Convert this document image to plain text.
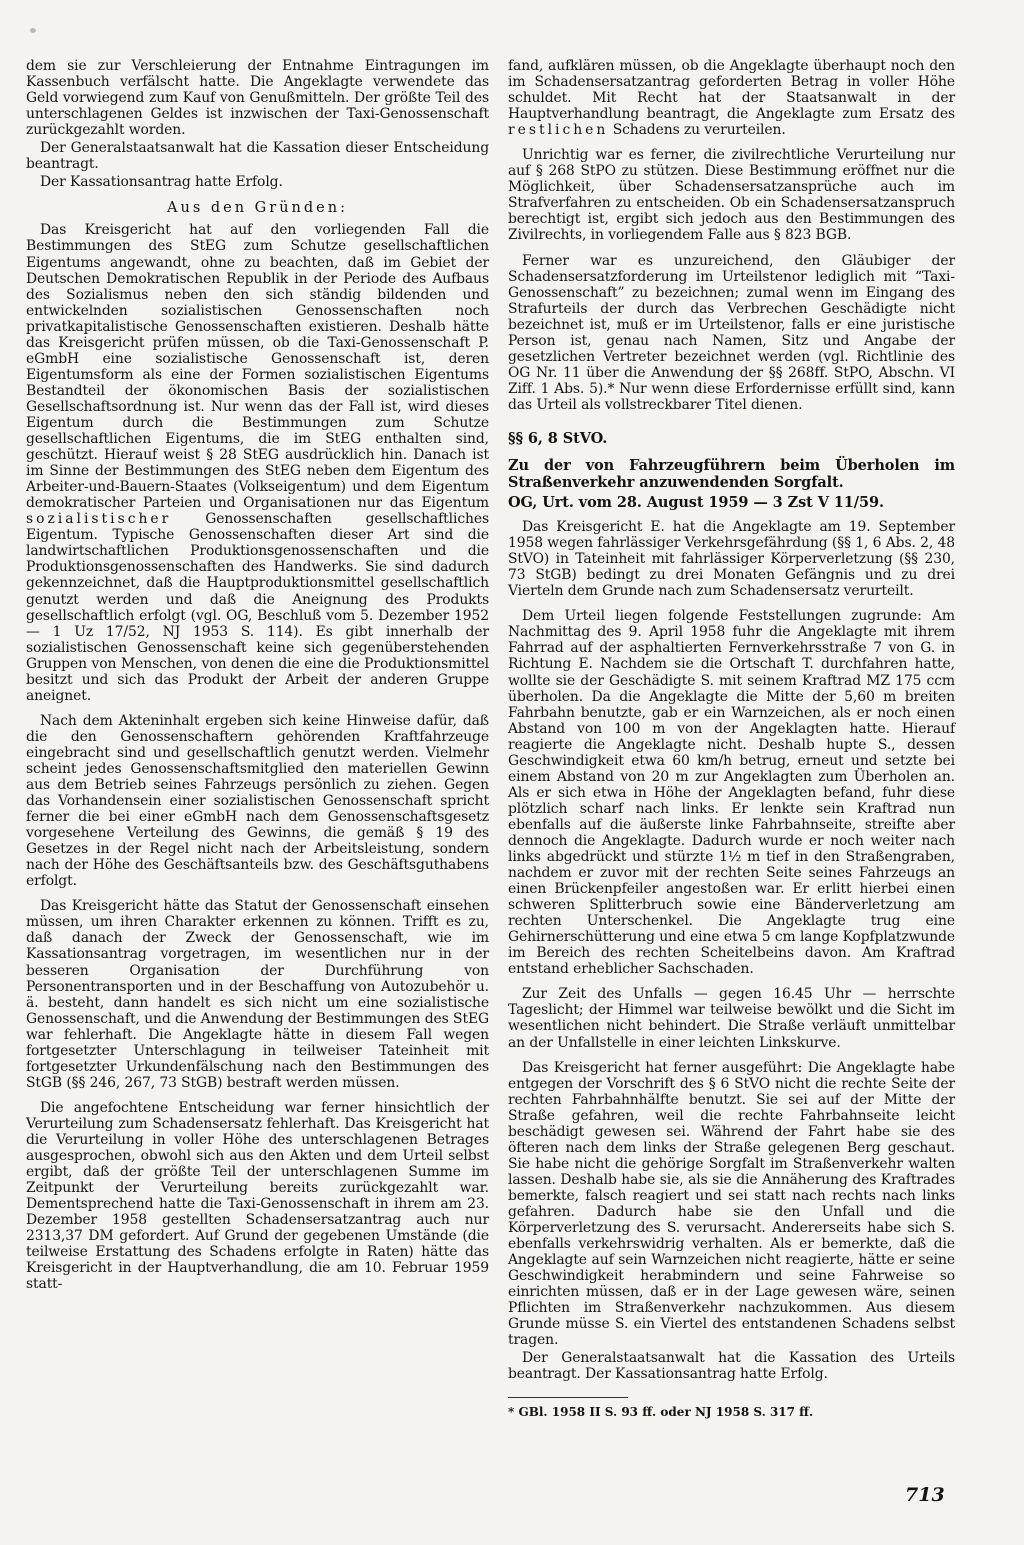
dem sie zur Verschleierung der Entnahme Eintragungen im Kassenbuch verfälscht hatte. Die Angeklagte verwendete das Geld vorwiegend zum Kauf von Genußmitteln. Der größte Teil des unterschlagenen Geldes ist inzwischen der Taxi-Genossenschaft zurückgezahlt worden.

Der Generalstaatsanwalt hat die Kassation dieser Entscheidung beantragt.

Der Kassationsantrag hatte Erfolg.

Aus den Gründen:

Das Kreisgericht hat auf den vorliegenden Fall die Bestimmungen des StEG zum Schutze gesellschaftlichen Eigentums angewandt, ohne zu beachten, daß im Gebiet der Deutschen Demokratischen Republik in der Periode des Aufbaus des Sozialismus neben den sich ständig bildenden und entwickelnden sozialistischen Genossenschaften noch privatkapitalistische Genossenschaften existieren. Deshalb hätte das Kreisgericht prüfen müssen, ob die Taxi-Genossenschaft P. eGmbH eine sozialistische Genossenschaft ist, deren Eigentumsform als eine der Formen sozialistischen Eigentums Bestandteil der ökonomischen Basis der sozialistischen Gesellschaftsordnung ist. Nur wenn das der Fall ist, wird dieses Eigentum durch die Bestimmungen zum Schutze gesellschaftlichen Eigentums, die im StEG enthalten sind, geschützt. Hierauf weist § 28 StEG ausdrücklich hin. Danach ist im Sinne der Bestimmungen des StEG neben dem Eigentum des Arbeiter-und-Bauern-Staates (Volkseigentum) und dem Eigentum demokratischer Parteien und Organisationen nur das Eigentum sozialistischer Genossenschaften gesellschaftliches Eigentum. Typische Genossenschaften dieser Art sind die landwirtschaftlichen Produktionsgenossenschaften und die Produktionsgenossenschaften des Handwerks. Sie sind dadurch gekennzeichnet, daß die Hauptproduktionsmittel gesellschaftlich genutzt werden und daß die Aneignung des Produkts gesellschaftlich erfolgt (vgl. OG, Beschluß vom 5. Dezember 1952 — 1 Uz 17/52, NJ 1953 S. 114). Es gibt innerhalb der sozialistischen Genossenschaft keine sich gegenüberstehenden Gruppen von Menschen, von denen die eine die Produktionsmittel besitzt und sich das Produkt der Arbeit der anderen Gruppe aneignet.

Nach dem Akteninhalt ergeben sich keine Hinweise dafür, daß die den Genossenschaftern gehörenden Kraftfahrzeuge eingebracht sind und gesellschaftlich genutzt werden. Vielmehr scheint jedes Genossenschaftsmitglied den materiellen Gewinn aus dem Betrieb seines Fahrzeugs persönlich zu ziehen. Gegen das Vorhandensein einer sozialistischen Genossenschaft spricht ferner die bei einer eGmbH nach dem Genossenschaftsgesetz vorgesehene Verteilung des Gewinns, die gemäß § 19 des Gesetzes in der Regel nicht nach der Arbeitsleistung, sondern nach der Höhe des Geschäftsanteils bzw. des Geschäftsguthabens erfolgt.

Das Kreisgericht hätte das Statut der Genossenschaft einsehen müssen, um ihren Charakter erkennen zu können. Trifft es zu, daß danach der Zweck der Genossenschaft, wie im Kassationsantrag vorgetragen, im wesentlichen nur in der besseren Organisation der Durchführung von Personentransporten und in der Beschaffung von Autozubehör u. ä. besteht, dann handelt es sich nicht um eine sozialistische Genossenschaft, und die Anwendung der Bestimmungen des StEG war fehlerhaft. Die Angeklagte hätte in diesem Fall wegen fortgesetzter Unterschlagung in teilweiser Tateinheit mit fortgesetzter Urkundenfälschung nach den Bestimmungen des StGB (§§ 246, 267, 73 StGB) bestraft werden müssen.

Die angefochtene Entscheidung war ferner hinsichtlich der Verurteilung zum Schadensersatz fehlerhaft. Das Kreisgericht hat die Verurteilung in voller Höhe des unterschlagenen Betrages ausgesprochen, obwohl sich aus den Akten und dem Urteil selbst ergibt, daß der größte Teil der unterschlagenen Summe im Zeitpunkt der Verurteilung bereits zurückgezahlt war. Dementsprechend hatte die Taxi-Genossenschaft in ihrem am 23. Dezember 1958 gestellten Schadensersatzantrag auch nur 2313,37 DM gefordert. Auf Grund der gegebenen Umstände (die teilweise Erstattung des Schadens erfolgte in Raten) hätte das Kreisgericht in der Hauptverhandlung, die am 10. Februar 1959 statt-

fand, aufklären müssen, ob die Angeklagte überhaupt noch den im Schadensersatzantrag geforderten Betrag in voller Höhe schuldet. Mit Recht hat der Staatsanwalt in der Hauptverhandlung beantragt, die Angeklagte zum Ersatz des restlichen Schadens zu verurteilen.

Unrichtig war es ferner, die zivilrechtliche Verurteilung nur auf § 268 StPO zu stützen. Diese Bestimmung eröffnet nur die Möglichkeit, über Schadensersatzansprüche auch im Strafverfahren zu entscheiden. Ob ein Schadensersatzanspruch berechtigt ist, ergibt sich jedoch aus den Bestimmungen des Zivilrechts, in vorliegendem Falle aus § 823 BGB.

Ferner war es unzureichend, den Gläubiger der Schadensersatzforderung im Urteilstenor lediglich mit “Taxi-Genossenschaft” zu bezeichnen; zumal wenn im Eingang des Strafurteils der durch das Verbrechen Geschädigte nicht bezeichnet ist, muß er im Urteilstenor, falls er eine juristische Person ist, genau nach Namen, Sitz und Angabe der gesetzlichen Vertreter bezeichnet werden (vgl. Richtlinie des OG Nr. 11 über die Anwendung der §§ 268ff. StPO, Abschn. VI Ziff. 1 Abs. 5).* Nur wenn diese Erfordernisse erfüllt sind, kann das Urteil als vollstreckbarer Titel dienen.

§§ 6, 8 StVO.

Zu der von Fahrzeugführern beim Überholen im Straßenverkehr anzuwendenden Sorgfalt.

OG, Urt. vom 28. August 1959 — 3 Zst V 11/59.

Das Kreisgericht E. hat die Angeklagte am 19. September 1958 wegen fahrlässiger Verkehrsgefährdung (§§ 1, 6 Abs. 2, 48 StVO) in Tateinheit mit fahrlässiger Körperverletzung (§§ 230, 73 StGB) bedingt zu drei Monaten Gefängnis und zu drei Vierteln dem Grunde nach zum Schadensersatz verurteilt.

Dem Urteil liegen folgende Feststellungen zugrunde: Am Nachmittag des 9. April 1958 fuhr die Angeklagte mit ihrem Fahrrad auf der asphaltierten Fernverkehrsstraße 7 von G. in Richtung E. Nachdem sie die Ortschaft T. durchfahren hatte, wollte sie der Geschädigte S. mit seinem Kraftrad MZ 175 ccm überholen. Da die Angeklagte die Mitte der 5,60 m breiten Fahrbahn benutzte, gab er ein Warnzeichen, als er noch einen Abstand von 100 m von der Angeklagten hatte. Hierauf reagierte die Angeklagte nicht. Deshalb hupte S., dessen Geschwindigkeit etwa 60 km/h betrug, erneut und setzte bei einem Abstand von 20 m zur Angeklagten zum Überholen an. Als er sich etwa in Höhe der Angeklagten befand, fuhr diese plötzlich scharf nach links. Er lenkte sein Kraftrad nun ebenfalls auf die äußerste linke Fahrbahnseite, streifte aber dennoch die Angeklagte. Dadurch wurde er noch weiter nach links abgedrückt und stürzte 1½ m tief in den Straßengraben, nachdem er zuvor mit der rechten Seite seines Fahrzeugs an einen Brückenpfeiler angestoßen war. Er erlitt hierbei einen schweren Splitterbruch sowie eine Bänderverletzung am rechten Unterschenkel. Die Angeklagte trug eine Gehirnerschütterung und eine etwa 5 cm lange Kopfplatzwunde im Bereich des rechten Scheitelbeins davon. Am Kraftrad entstand erheblicher Sachschaden.

Zur Zeit des Unfalls — gegen 16.45 Uhr — herrschte Tageslicht; der Himmel war teilweise bewölkt und die Sicht im wesentlichen nicht behindert. Die Straße verläuft unmittelbar an der Unfallstelle in einer leichten Linkskurve.

Das Kreisgericht hat ferner ausgeführt: Die Angeklagte habe entgegen der Vorschrift des § 6 StVO nicht die rechte Seite der rechten Fahrbahnhälfte benutzt. Sie sei auf der Mitte der Straße gefahren, weil die rechte Fahrbahnseite leicht beschädigt gewesen sei. Während der Fahrt habe sie des öfteren nach dem links der Straße gelegenen Berg geschaut. Sie habe nicht die gehörige Sorgfalt im Straßenverkehr walten lassen. Deshalb habe sie, als sie die Annäherung des Kraftrades bemerkte, falsch reagiert und sei statt nach rechts nach links gefahren. Dadurch habe sie den Unfall und die Körperverletzung des S. verursacht. Andererseits habe sich S. ebenfalls verkehrswidrig verhalten. Als er bemerkte, daß die Angeklagte auf sein Warnzeichen nicht reagierte, hätte er seine Geschwindigkeit herabmindern und seine Fahrweise so einrichten müssen, daß er in der Lage gewesen wäre, seinen Pflichten im Straßenverkehr nachzukommen. Aus diesem Grunde müsse S. ein Viertel des entstandenen Schadens selbst tragen.

Der Generalstaatsanwalt hat die Kassation des Urteils beantragt. Der Kassationsantrag hatte Erfolg.

* GBl. 1958 II S. 93 ff. oder NJ 1958 S. 317 ff.

713
